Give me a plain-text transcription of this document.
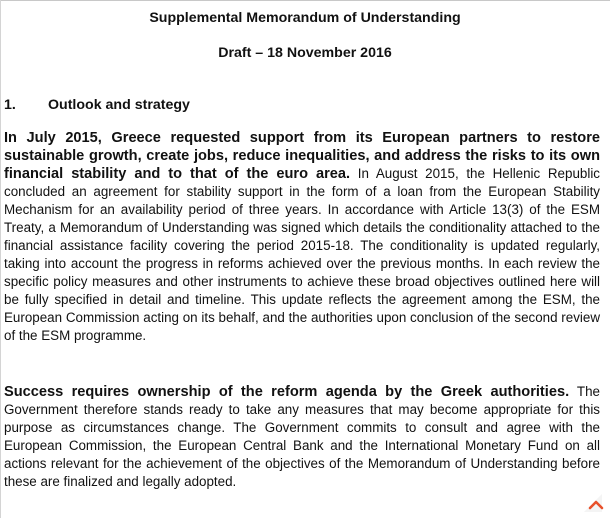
Supplemental Memorandum of Understanding
Draft – 18 November 2016
1. Outlook and strategy

In July 2015, Greece requested support from its European partners to restore sustainable growth, create jobs, reduce inequalities, and address the risks to its own financial stability and to that of the euro area. In August 2015, the Hellenic Republic concluded an agreement for stability support in the form of a loan from the European Stability Mechanism for an availability period of three years. In accordance with Article 13(3) of the ESM Treaty, a Memorandum of Understanding was signed which details the conditionality attached to the financial assistance facility covering the period 2015-18. The conditionality is updated regularly, taking into account the progress in reforms achieved over the previous months. In each review the specific policy measures and other instruments to achieve these broad objectives outlined here will be fully specified in detail and timeline. This update reflects the agreement among the ESM, the European Commission acting on its behalf, and the authorities upon conclusion of the second review of the ESM programme.

Success requires ownership of the reform agenda by the Greek authorities. The Government therefore stands ready to take any measures that may become appropriate for this purpose as circumstances change. The Government commits to consult and agree with the European Commission, the European Central Bank and the International Monetary Fund on all actions relevant for the achievement of the objectives of the Memorandum of Understanding before these are finalized and legally adopted.
